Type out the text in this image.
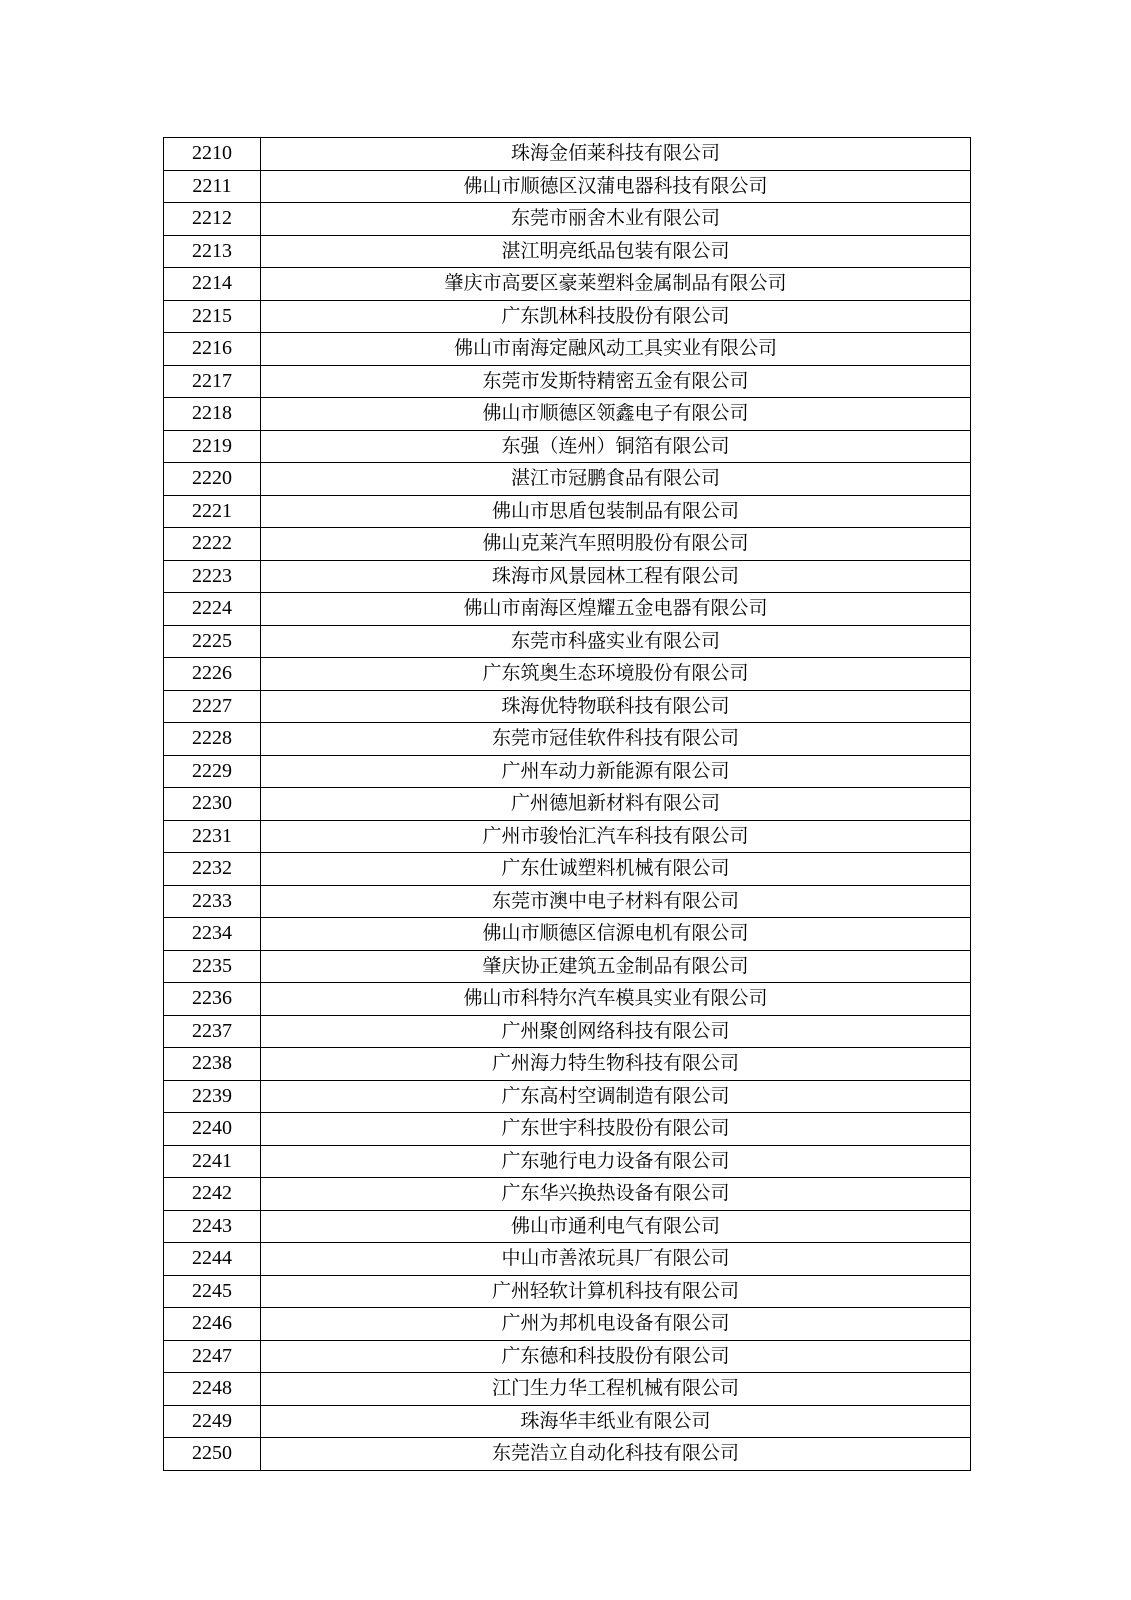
2210	珠海金佰莱科技有限公司
2211	佛山市顺德区汉蒲电器科技有限公司
2212	东莞市丽舍木业有限公司
2213	湛江明亮纸品包装有限公司
2214	肇庆市高要区豪莱塑料金属制品有限公司
2215	广东凯林科技股份有限公司
2216	佛山市南海定融风动工具实业有限公司
2217	东莞市发斯特精密五金有限公司
2218	佛山市顺德区领鑫电子有限公司
2219	东强（连州）铜箔有限公司
2220	湛江市冠鹏食品有限公司
2221	佛山市思盾包装制品有限公司
2222	佛山克莱汽车照明股份有限公司
2223	珠海市风景园林工程有限公司
2224	佛山市南海区煌耀五金电器有限公司
2225	东莞市科盛实业有限公司
2226	广东筑奥生态环境股份有限公司
2227	珠海优特物联科技有限公司
2228	东莞市冠佳软件科技有限公司
2229	广州车动力新能源有限公司
2230	广州德旭新材料有限公司
2231	广州市骏怡汇汽车科技有限公司
2232	广东仕诚塑料机械有限公司
2233	东莞市澳中电子材料有限公司
2234	佛山市顺德区信源电机有限公司
2235	肇庆协正建筑五金制品有限公司
2236	佛山市科特尔汽车模具实业有限公司
2237	广州聚创网络科技有限公司
2238	广州海力特生物科技有限公司
2239	广东高村空调制造有限公司
2240	广东世宇科技股份有限公司
2241	广东驰行电力设备有限公司
2242	广东华兴换热设备有限公司
2243	佛山市通利电气有限公司
2244	中山市善浓玩具厂有限公司
2245	广州轻软计算机科技有限公司
2246	广州为邦机电设备有限公司
2247	广东德和科技股份有限公司
2248	江门生力华工程机械有限公司
2249	珠海华丰纸业有限公司
2250	东莞浩立自动化科技有限公司
